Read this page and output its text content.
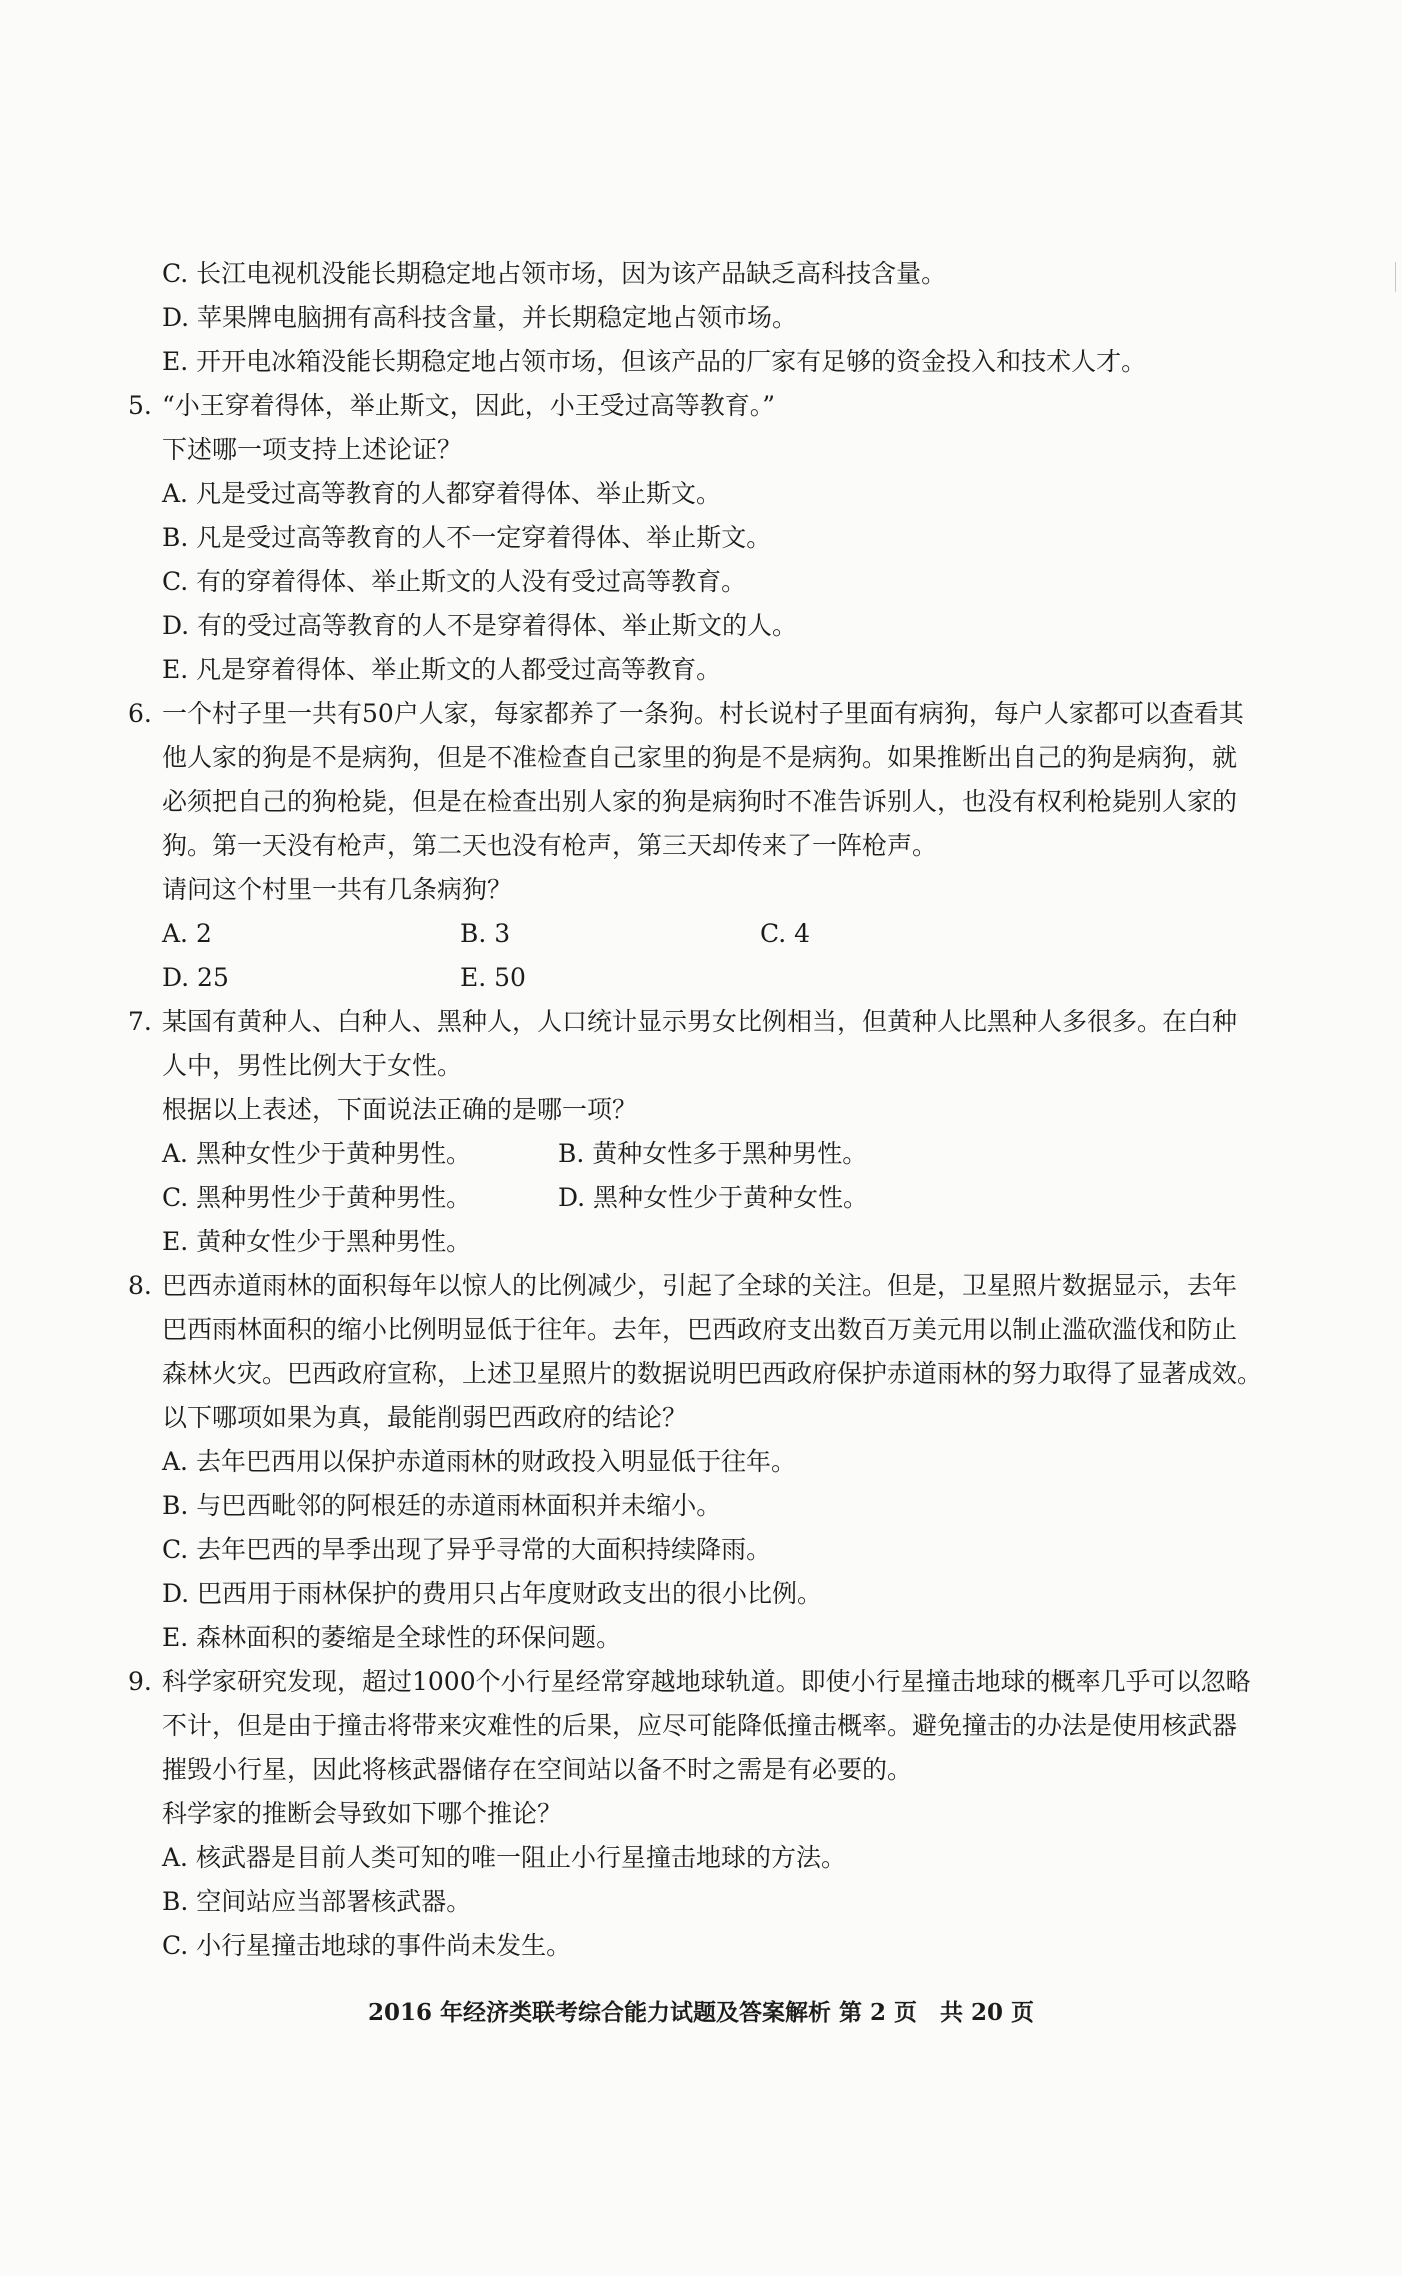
C. 长江电视机没能长期稳定地占领市场，因为该产品缺乏高科技含量。
D. 苹果牌电脑拥有高科技含量，并长期稳定地占领市场。
E. 开开电冰箱没能长期稳定地占领市场，但该产品的厂家有足够的资金投入和技术人才。
5. “小王穿着得体，举止斯文，因此，小王受过高等教育。”
下述哪一项支持上述论证？
A. 凡是受过高等教育的人都穿着得体、举止斯文。
B. 凡是受过高等教育的人不一定穿着得体、举止斯文。
C. 有的穿着得体、举止斯文的人没有受过高等教育。
D. 有的受过高等教育的人不是穿着得体、举止斯文的人。
E. 凡是穿着得体、举止斯文的人都受过高等教育。
6. 一个村子里一共有50户人家，每家都养了一条狗。村长说村子里面有病狗，每户人家都可以查看其
他人家的狗是不是病狗，但是不准检查自己家里的狗是不是病狗。如果推断出自己的狗是病狗，就
必须把自己的狗枪毙，但是在检查出别人家的狗是病狗时不准告诉别人，也没有权利枪毙别人家的
狗。第一天没有枪声，第二天也没有枪声，第三天却传来了一阵枪声。
请问这个村里一共有几条病狗？
A. 2	B. 3	C. 4
D. 25	E. 50
7. 某国有黄种人、白种人、黑种人，人口统计显示男女比例相当，但黄种人比黑种人多很多。在白种
人中，男性比例大于女性。
根据以上表述，下面说法正确的是哪一项？
A. 黑种女性少于黄种男性。	B. 黄种女性多于黑种男性。
C. 黑种男性少于黄种男性。	D. 黑种女性少于黄种女性。
E. 黄种女性少于黑种男性。
8. 巴西赤道雨林的面积每年以惊人的比例减少，引起了全球的关注。但是，卫星照片数据显示，去年
巴西雨林面积的缩小比例明显低于往年。去年，巴西政府支出数百万美元用以制止滥砍滥伐和防止
森林火灾。巴西政府宣称，上述卫星照片的数据说明巴西政府保护赤道雨林的努力取得了显著成效。
以下哪项如果为真，最能削弱巴西政府的结论？
A. 去年巴西用以保护赤道雨林的财政投入明显低于往年。
B. 与巴西毗邻的阿根廷的赤道雨林面积并未缩小。
C. 去年巴西的旱季出现了异乎寻常的大面积持续降雨。
D. 巴西用于雨林保护的费用只占年度财政支出的很小比例。
E. 森林面积的萎缩是全球性的环保问题。
9. 科学家研究发现，超过1000个小行星经常穿越地球轨道。即使小行星撞击地球的概率几乎可以忽略
不计，但是由于撞击将带来灾难性的后果，应尽可能降低撞击概率。避免撞击的办法是使用核武器
摧毁小行星，因此将核武器储存在空间站以备不时之需是有必要的。
科学家的推断会导致如下哪个推论？
A. 核武器是目前人类可知的唯一阻止小行星撞击地球的方法。
B. 空间站应当部署核武器。
C. 小行星撞击地球的事件尚未发生。
2016 年经济类联考综合能力试题及答案解析 第 2 页　共 20 页
